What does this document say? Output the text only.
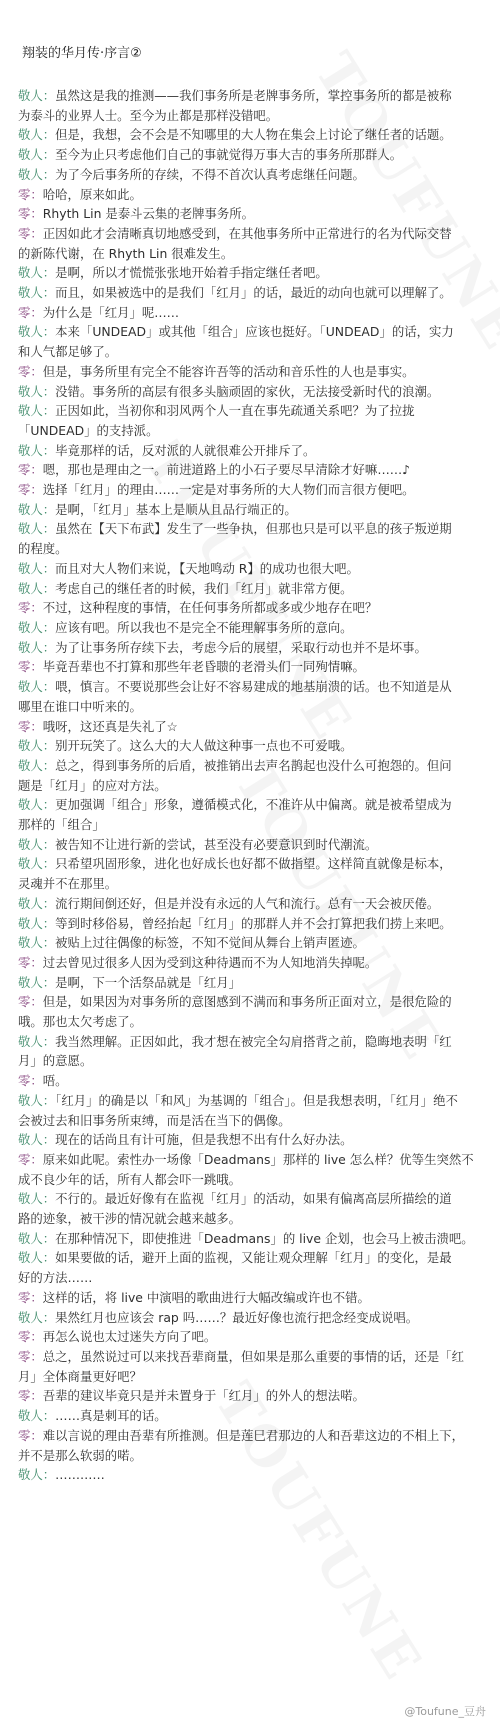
翔装的华月传·序言②
敬人：虽然这是我的推测——我们事务所是老牌事务所，掌控事务所的都是被称
为泰斗的业界人士。至今为止都是那样没错吧。
敬人：但是，我想，会不会是不知哪里的大人物在集会上讨论了继任者的话题。
敬人：至今为止只考虑他们自己的事就觉得万事大吉的事务所那群人。
敬人：为了今后事务所的存续，不得不首次认真考虑继任问题。
零：哈哈，原来如此。
零：Rhyth Lin 是泰斗云集的老牌事务所。
零：正因如此才会清晰真切地感受到，在其他事务所中正常进行的名为代际交替
的新陈代谢，在 Rhyth Lin 很难发生。
敬人：是啊，所以才慌慌张张地开始着手指定继任者吧。
敬人：而且，如果被选中的是我们「红月」的话，最近的动向也就可以理解了。
零：为什么是「红月」呢……
敬人：本来「UNDEAD」或其他「组合」应该也挺好。「UNDEAD」的话，实力
和人气都足够了。
零：但是，事务所里有完全不能容许吾等的活动和音乐性的人也是事实。
敬人：没错。事务所的高层有很多头脑顽固的家伙，无法接受新时代的浪潮。
敬人：正因如此，当初你和羽风两个人一直在事先疏通关系吧？为了拉拢
「UNDEAD」的支持派。
敬人：毕竟那样的话，反对派的人就很难公开排斥了。
零：嗯，那也是理由之一。前进道路上的小石子要尽早清除才好嘛……♪
零：选择「红月」的理由……一定是对事务所的大人物们而言很方便吧。
敬人：是啊，「红月」基本上是顺从且品行端正的。
敬人：虽然在【天下布武】发生了一些争执，但那也只是可以平息的孩子叛逆期
的程度。
敬人：而且对大人物们来说，【天地鸣动 R】的成功也很大吧。
敬人：考虑自己的继任者的时候，我们「红月」就非常方便。
零：不过，这种程度的事情，在任何事务所都或多或少地存在吧？
敬人：应该有吧。所以我也不是完全不能理解事务所的意向。
敬人：为了让事务所存续下去，考虑今后的展望，采取行动也并不是坏事。
零：毕竟吾辈也不打算和那些年老昏聩的老滑头们一同殉情嘛。
敬人：喂，慎言。不要说那些会让好不容易建成的地基崩溃的话。也不知道是从
哪里在谁口中听来的。
零：哦呀，这还真是失礼了☆
敬人：别开玩笑了。这么大的大人做这种事一点也不可爱哦。
敬人：总之，得到事务所的后盾，被推销出去声名鹊起也没什么可抱怨的。但问
题是「红月」的应对方法。
敬人：更加强调「组合」形象，遵循模式化，不准许从中偏离。就是被希望成为
那样的「组合」
敬人：被告知不让进行新的尝试，甚至没有必要意识到时代潮流。
敬人：只希望巩固形象，进化也好成长也好都不做指望。这样简直就像是标本，
灵魂并不在那里。
敬人：流行期间倒还好，但是并没有永远的人气和流行。总有一天会被厌倦。
敬人：等到时移俗易，曾经抬起「红月」的那群人并不会打算把我们捞上来吧。
敬人：被贴上过往偶像的标签，不知不觉间从舞台上销声匿迹。
零：过去曾见过很多人因为受到这种待遇而不为人知地消失掉呢。
敬人：是啊，下一个活祭品就是「红月」
零：但是，如果因为对事务所的意图感到不满而和事务所正面对立，是很危险的
哦。那也太欠考虑了。
敬人：我当然理解。正因如此，我才想在被完全勾肩搭背之前，隐晦地表明「红
月」的意愿。
零：唔。
敬人：「红月」的确是以「和风」为基调的「组合」。但是我想表明，「红月」绝不
会被过去和旧事务所束缚，而是活在当下的偶像。
敬人：现在的话尚且有计可施，但是我想不出有什么好办法。
零：原来如此呢。索性办一场像「Deadmans」那样的 live 怎么样？优等生突然不
成不良少年的话，所有人都会吓一跳哦。
敬人：不行的。最近好像有在监视「红月」的活动，如果有偏离高层所描绘的道
路的迹象，被干涉的情况就会越来越多。
敬人：在那种情况下，即使推进「Deadmans」的 live 企划，也会马上被击溃吧。
敬人：如果要做的话，避开上面的监视，又能让观众理解「红月」的变化，是最
好的方法……
零：这样的话，将 live 中演唱的歌曲进行大幅改编或许也不错。
敬人：果然红月也应该会 rap 吗……？最近好像也流行把念经变成说唱。
零：再怎么说也太过迷失方向了吧。
零：总之，虽然说过可以来找吾辈商量，但如果是那么重要的事情的话，还是「红
月」全体商量更好吧？
零：吾辈的建议毕竟只是并未置身于「红月」的外人的想法喏。
敬人：……真是刺耳的话。
零：难以言说的理由吾辈有所推测。但是莲巳君那边的人和吾辈这边的不相上下，
并不是那么软弱的喏。
敬人：…………
@Toufune_豆舟
